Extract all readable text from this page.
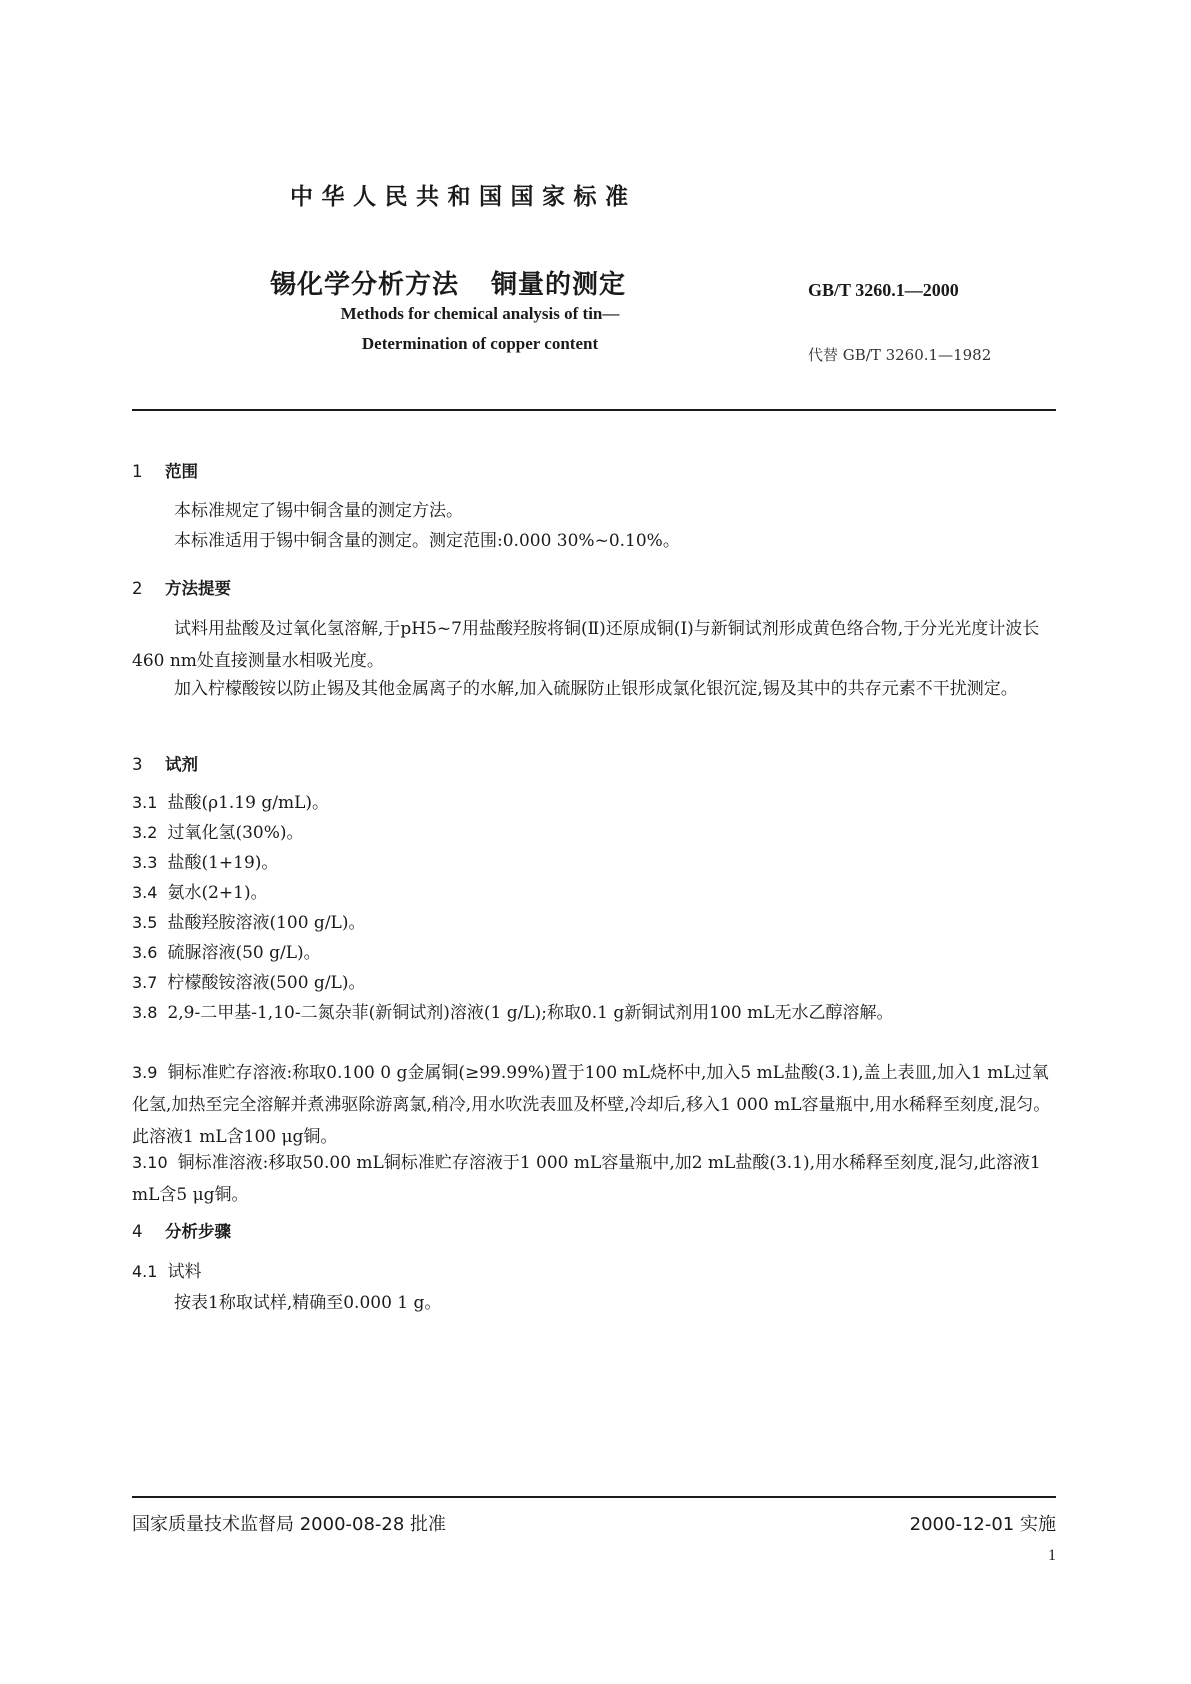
中华人民共和国国家标准
锡化学分析方法 铜量的测定	GB/T 3260.1—2000
Methods for chemical analysis of tin—
Determination of copper content
代替 GB/T 3260.1—1982
1 范围
本标准规定了锡中铜含量的测定方法。
本标准适用于锡中铜含量的测定。测定范围:0.000 30%~0.10%。
2 方法提要
试料用盐酸及过氧化氢溶解,于pH5~7用盐酸羟胺将铜(Ⅱ)还原成铜(Ⅰ)与新铜试剂形成黄色络合物,于分光光度计波长460 nm处直接测量水相吸光度。
加入柠檬酸铵以防止锡及其他金属离子的水解,加入硫脲防止银形成氯化银沉淀,锡及其中的共存元素不干扰测定。
3 试剂
3.1 盐酸(ρ1.19 g/mL)。
3.2 过氧化氢(30%)。
3.3 盐酸(1+19)。
3.4 氨水(2+1)。
3.5 盐酸羟胺溶液(100 g/L)。
3.6 硫脲溶液(50 g/L)。
3.7 柠檬酸铵溶液(500 g/L)。
3.8 2,9-二甲基-1,10-二氮杂菲(新铜试剂)溶液(1 g/L);称取0.1 g新铜试剂用100 mL无水乙醇溶解。
3.9 铜标准贮存溶液:称取0.100 0 g金属铜(≥99.99%)置于100 mL烧杯中,加入5 mL盐酸(3.1),盖上表皿,加入1 mL过氧化氢,加热至完全溶解并煮沸驱除游离氯,稍冷,用水吹洗表皿及杯壁,冷却后,移入1 000 mL容量瓶中,用水稀释至刻度,混匀。此溶液1 mL含100 μg铜。
3.10 铜标准溶液:移取50.00 mL铜标准贮存溶液于1 000 mL容量瓶中,加2 mL盐酸(3.1),用水稀释至刻度,混匀,此溶液1 mL含5 μg铜。
4 分析步骤
4.1 试料
按表1称取试样,精确至0.000 1 g。
国家质量技术监督局 2000-08-28 批准	2000-12-01 实施
1
